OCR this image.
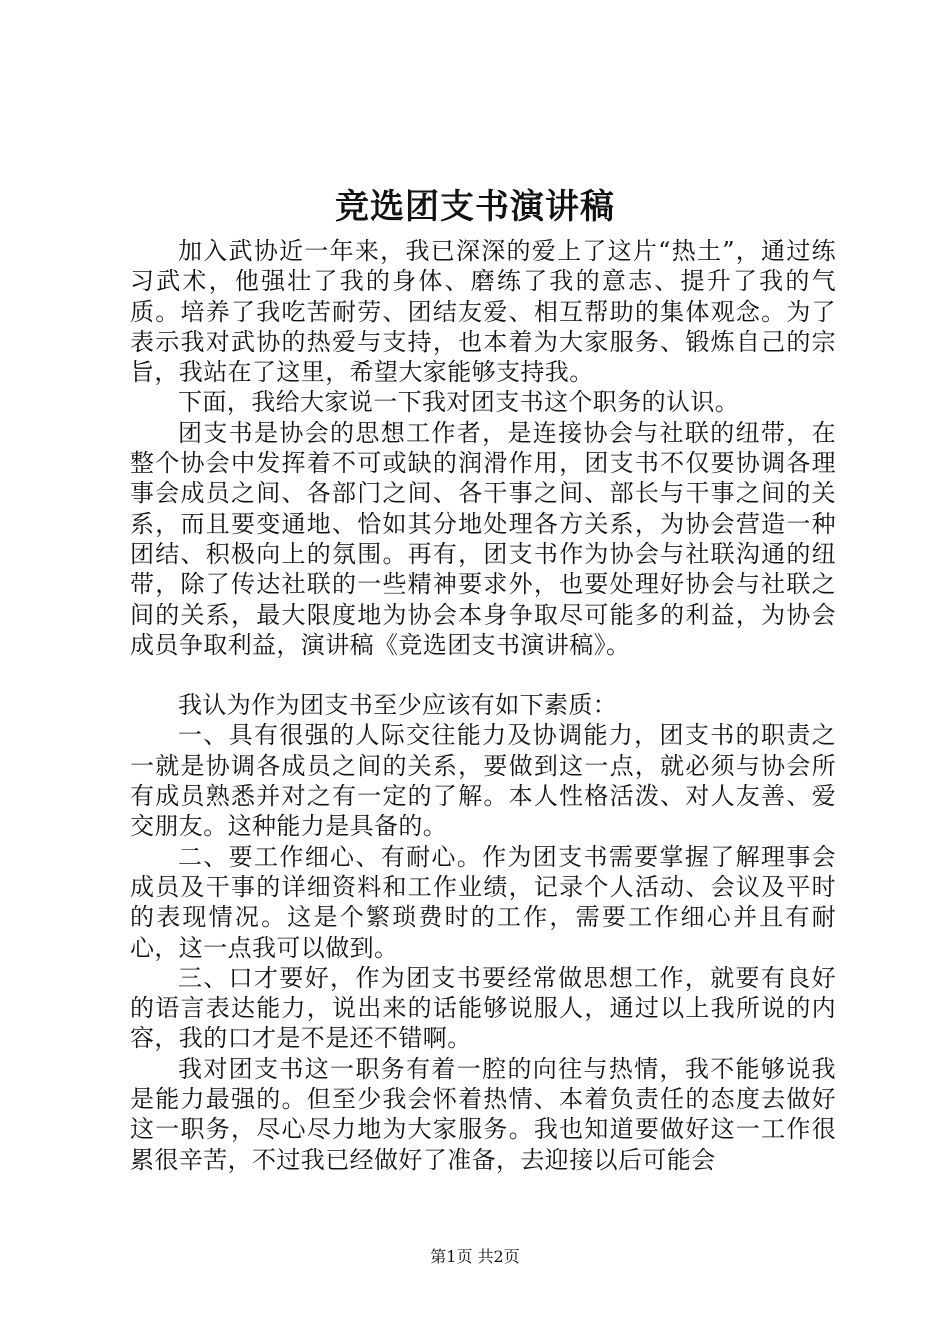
竞选团支书演讲稿

加入武协近一年来，我已深深的爱上了这片“热土”，通过练习武术，他强壮了我的身体、磨练了我的意志、提升了我的气质。培养了我吃苦耐劳、团结友爱、相互帮助的集体观念。为了表示我对武协的热爱与支持，也本着为大家服务、锻炼自己的宗旨，我站在了这里，希望大家能够支持我。

下面，我给大家说一下我对团支书这个职务的认识。

团支书是协会的思想工作者，是连接协会与社联的纽带，在整个协会中发挥着不可或缺的润滑作用，团支书不仅要协调各理事会成员之间、各部门之间、各干事之间、部长与干事之间的关系，而且要变通地、恰如其分地处理各方关系，为协会营造一种团结、积极向上的氛围。再有，团支书作为协会与社联沟通的纽带，除了传达社联的一些精神要求外，也要处理好协会与社联之间的关系，最大限度地为协会本身争取尽可能多的利益，为协会成员争取利益，演讲稿《竞选团支书演讲稿》。

我认为作为团支书至少应该有如下素质：

一、具有很强的人际交往能力及协调能力，团支书的职责之一就是协调各成员之间的关系，要做到这一点，就必须与协会所有成员熟悉并对之有一定的了解。本人性格活泼、对人友善、爱交朋友。这种能力是具备的。

二、要工作细心、有耐心。作为团支书需要掌握了解理事会成员及干事的详细资料和工作业绩，记录个人活动、会议及平时的表现情况。这是个繁琐费时的工作，需要工作细心并且有耐心，这一点我可以做到。

三、口才要好，作为团支书要经常做思想工作，就要有良好的语言表达能力，说出来的话能够说服人，通过以上我所说的内容，我的口才是不是还不错啊。

我对团支书这一职务有着一腔的向往与热情，我不能够说我是能力最强的。但至少我会怀着热情、本着负责任的态度去做好这一职务，尽心尽力地为大家服务。我也知道要做好这一工作很累很辛苦，不过我已经做好了准备，去迎接以后可能会

第1页 共2页
